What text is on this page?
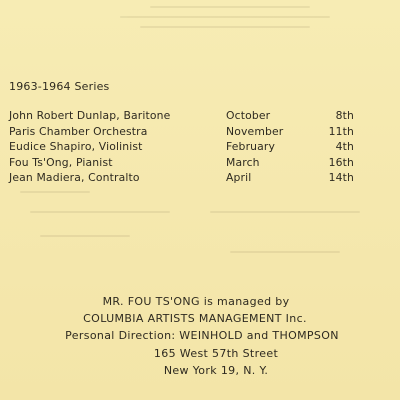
1963-1964 Series
John Robert Dunlap, Baritone	October	8th
Paris Chamber Orchestra	November	11th
Eudice Shapiro, Violinist	February	4th
Fou Ts'Ong, Pianist	March	16th
Jean Madiera, Contralto	April	14th
MR. FOU TS'ONG is managed by
COLUMBIA ARTISTS MANAGEMENT Inc.
Personal Direction: WEINHOLD and THOMPSON
165 West 57th Street
New York 19, N. Y.
